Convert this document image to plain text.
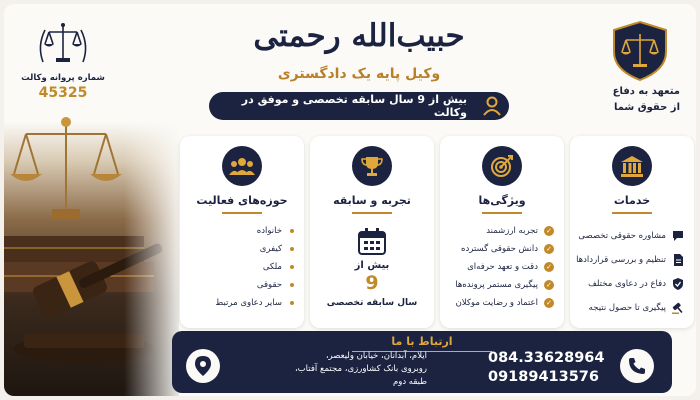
شماره پروانه وکالت
45325
حبیب‌الله رحمتی
وکیل پایه یک دادگستری
بیش از 9 سال سابقه تخصصی و موفق در وکالت
متعهد به دفاع
از حقوق شما
حوزه‌های فعالیت
خانواده
کیفری
ملکی
حقوقی
سایر دعاوی مرتبط
تجربه و سابقه
بیش از
9
سال سابقه تخصصی
ویژگی‌ها
✓
تجربه ارزشمند
✓
دانش حقوقی گسترده
✓
دقت و تعهد حرفه‌ای
✓
پیگیری مستمر پرونده‌ها
✓
اعتماد و رضایت موکلان
خدمات
مشاوره حقوقی تخصصی
تنظیم و بررسی قراردادها
دفاع در دعاوی مختلف
پیگیری تا حصول نتیجه
ارتباط با ما
ایلام، آبدانان، خیابان ولیعصر،
روبروی بانک کشاورزی، مجتمع آفتاب،
طبقه دوم
084.33628964
09189413576
